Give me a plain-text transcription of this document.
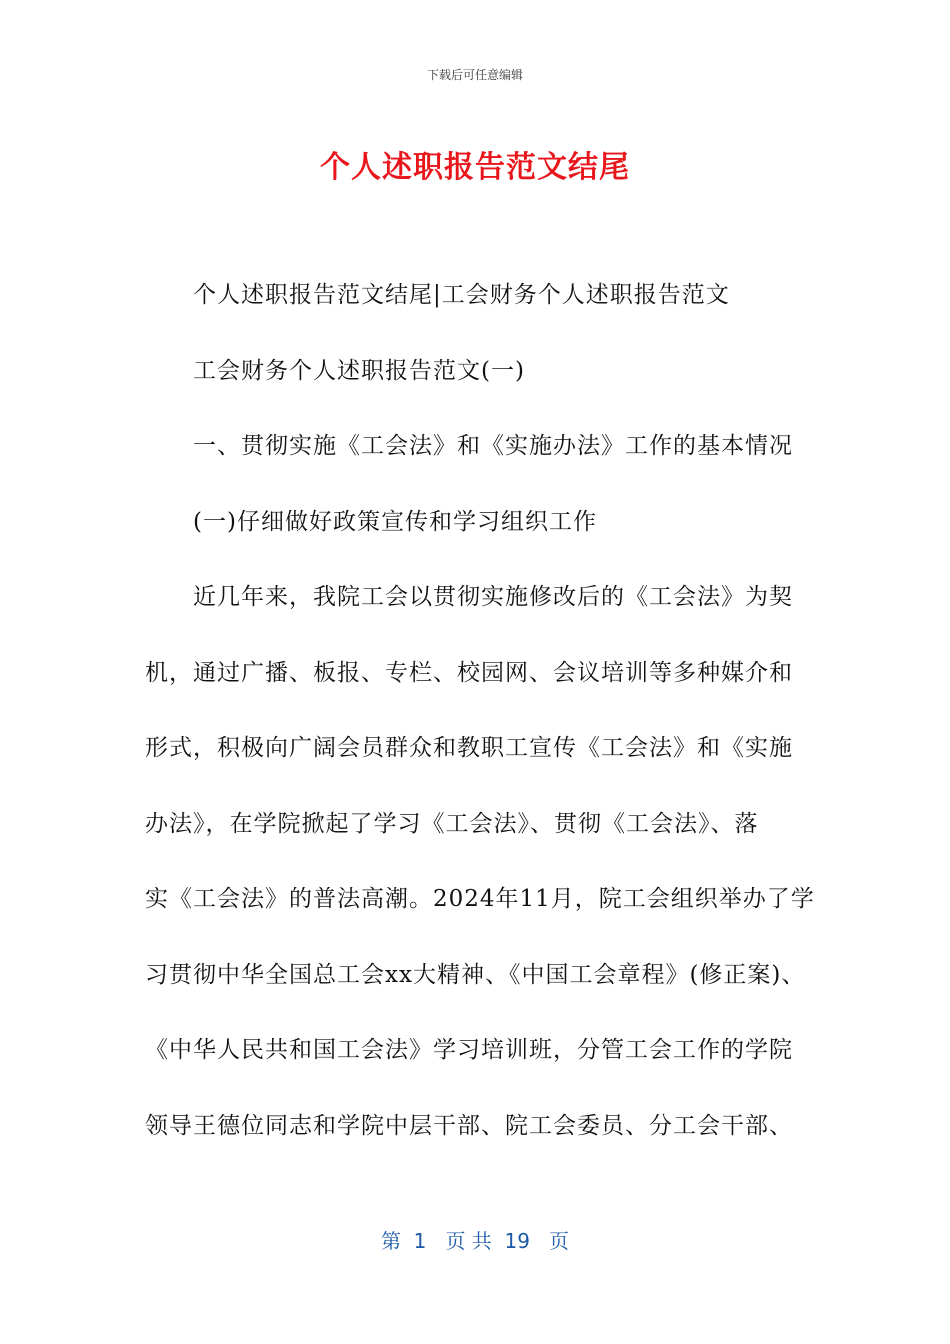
下载后可任意编辑
个人述职报告范文结尾
个人述职报告范文结尾|工会财务个人述职报告范文
工会财务个人述职报告范文(一)
一、贯彻实施《工会法》和《实施办法》工作的基本情况
(一)仔细做好政策宣传和学习组织工作
近几年来，我院工会以贯彻实施修改后的《工会法》为契
机，通过广播、板报、专栏、校园网、会议培训等多种媒介和
形式，积极向广阔会员群众和教职工宣传《工会法》和《实施
办法》，在学院掀起了学习《工会法》、贯彻《工会法》、落
实《工会法》的普法高潮。2024年11月，院工会组织举办了学
习贯彻中华全国总工会xx大精神、《中国工会章程》(修正案)、
《中华人民共和国工会法》学习培训班，分管工会工作的学院
领导王德位同志和学院中层干部、院工会委员、分工会干部、
第  1   页 共  19   页
